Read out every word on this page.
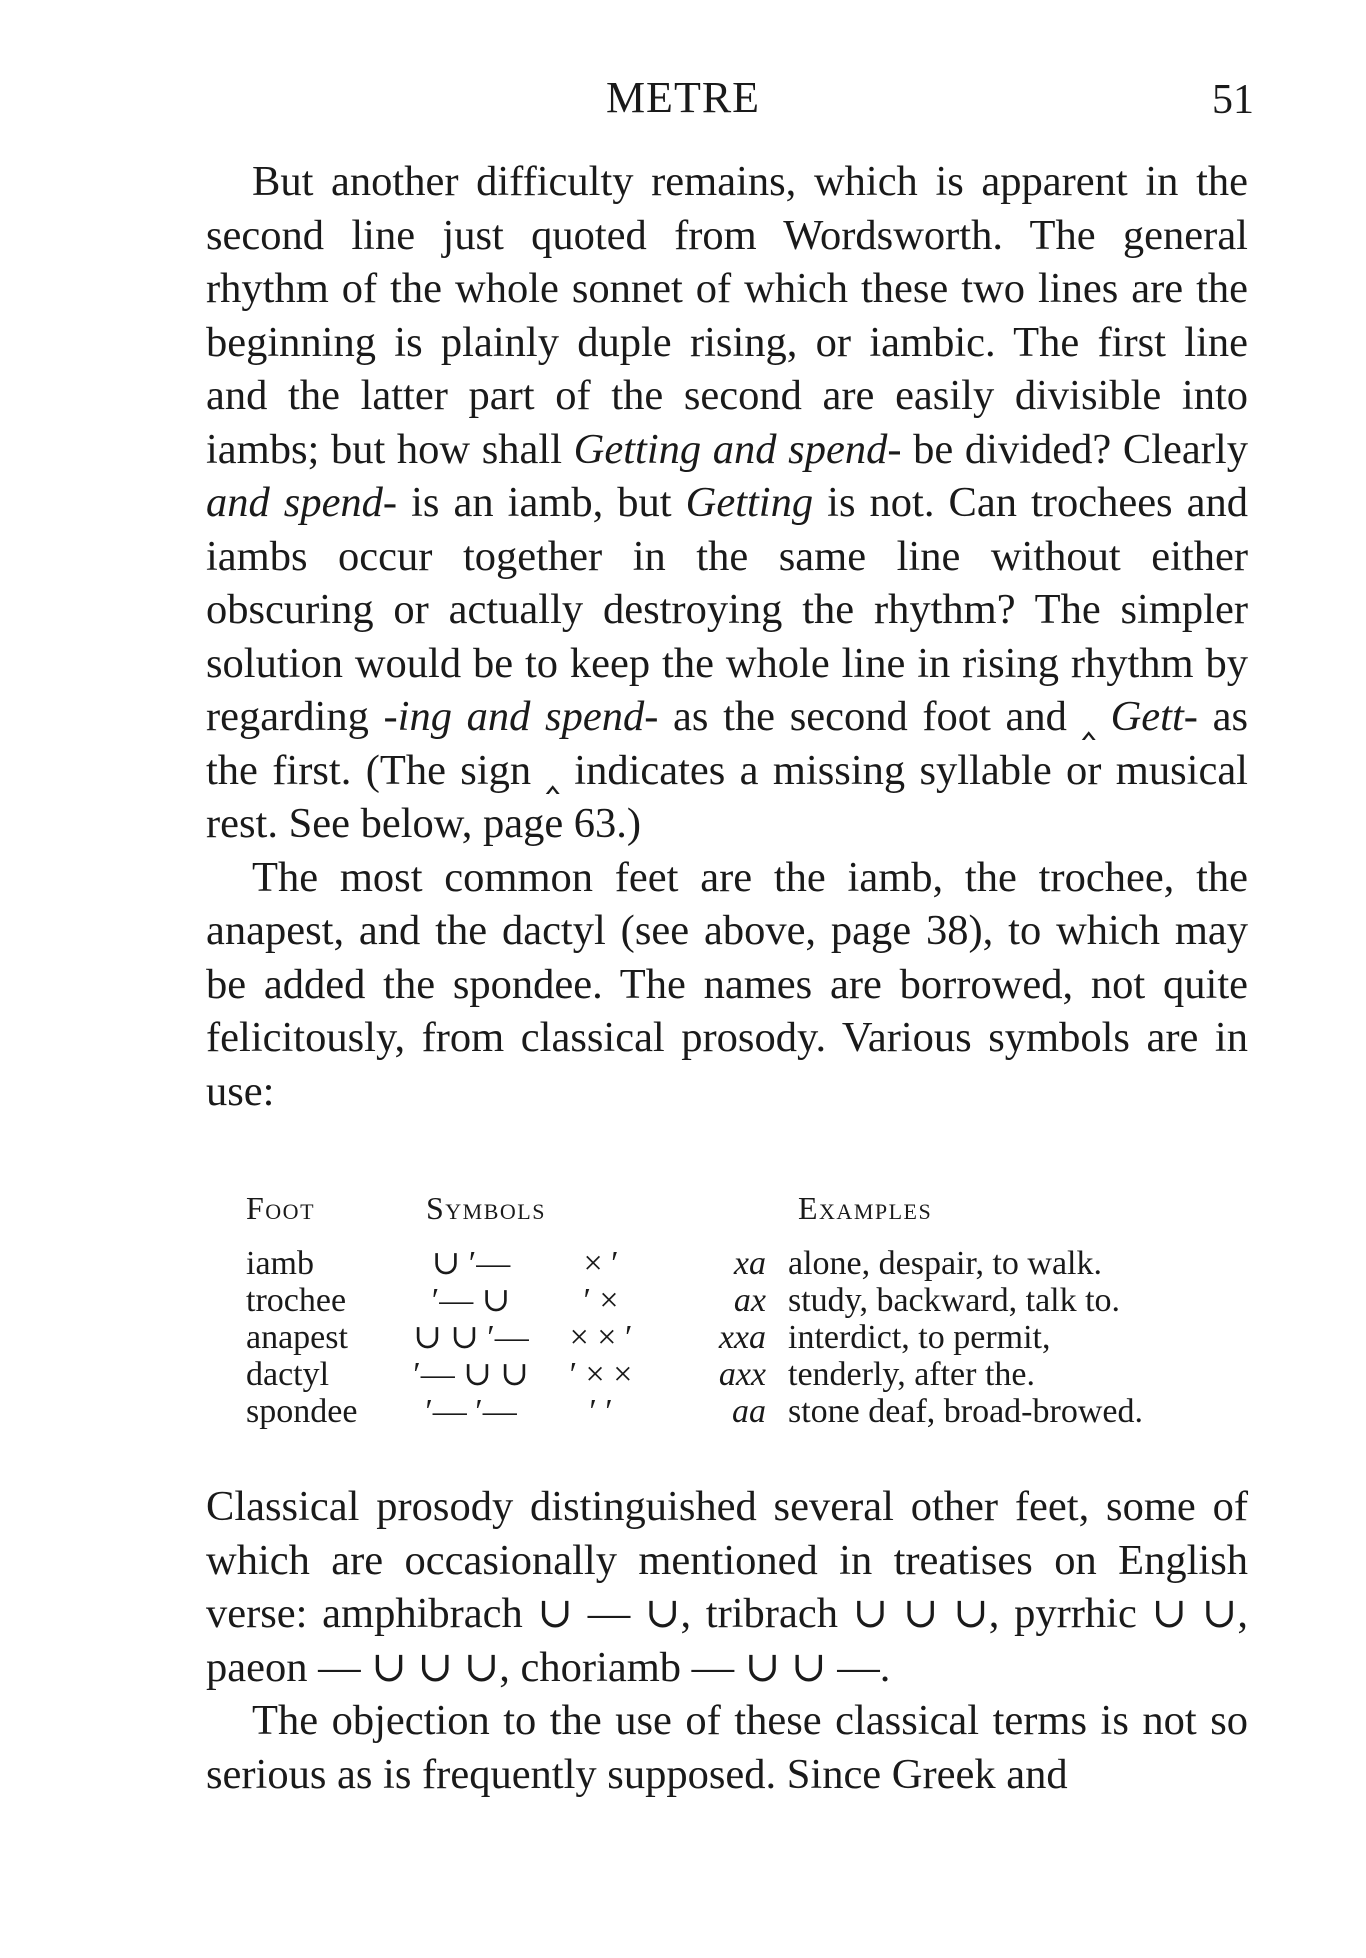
METRE	51

But another difficulty remains, which is apparent in the second line just quoted from Wordsworth. The general rhythm of the whole sonnet of which these two lines are the beginning is plainly duple rising, or iambic. The first line and the latter part of the second are easily divisible into iambs; but how shall Getting and spend- be divided? Clearly and spend- is an iamb, but Getting is not. Can trochees and iambs occur together in the same line without either obscuring or actually destroying the rhythm? The simpler solution would be to keep the whole line in rising rhythm by regarding -ing and spend- as the second foot and ‸ Gett- as the first. (The sign ‸ indicates a missing syllable or musical rest. See below, page 63.)

The most common feet are the iamb, the trochee, the anapest, and the dactyl (see above, page 38), to which may be added the spondee. The names are borrowed, not quite felicitously, from classical prosody. Various symbols are in use:

Foot	Symbols			Examples
iamb	∪ ′—	× ′	xa	alone, despair, to walk.
trochee	′— ∪	′ ×	ax	study, backward, talk to.
anapest	∪ ∪ ′—	× × ′	xxa	interdict, to permit,
dactyl	′— ∪ ∪	′ × ×	axx	tenderly, after the.
spondee	′— ′—	′ ′	aa	stone deaf, broad-browed.

Classical prosody distinguished several other feet, some of which are occasionally mentioned in treatises on English verse: amphibrach ∪ — ∪, tribrach ∪ ∪ ∪, pyrrhic ∪ ∪, paeon — ∪ ∪ ∪, choriamb — ∪ ∪ —.

The objection to the use of these classical terms is not so serious as is frequently supposed. Since Greek and
